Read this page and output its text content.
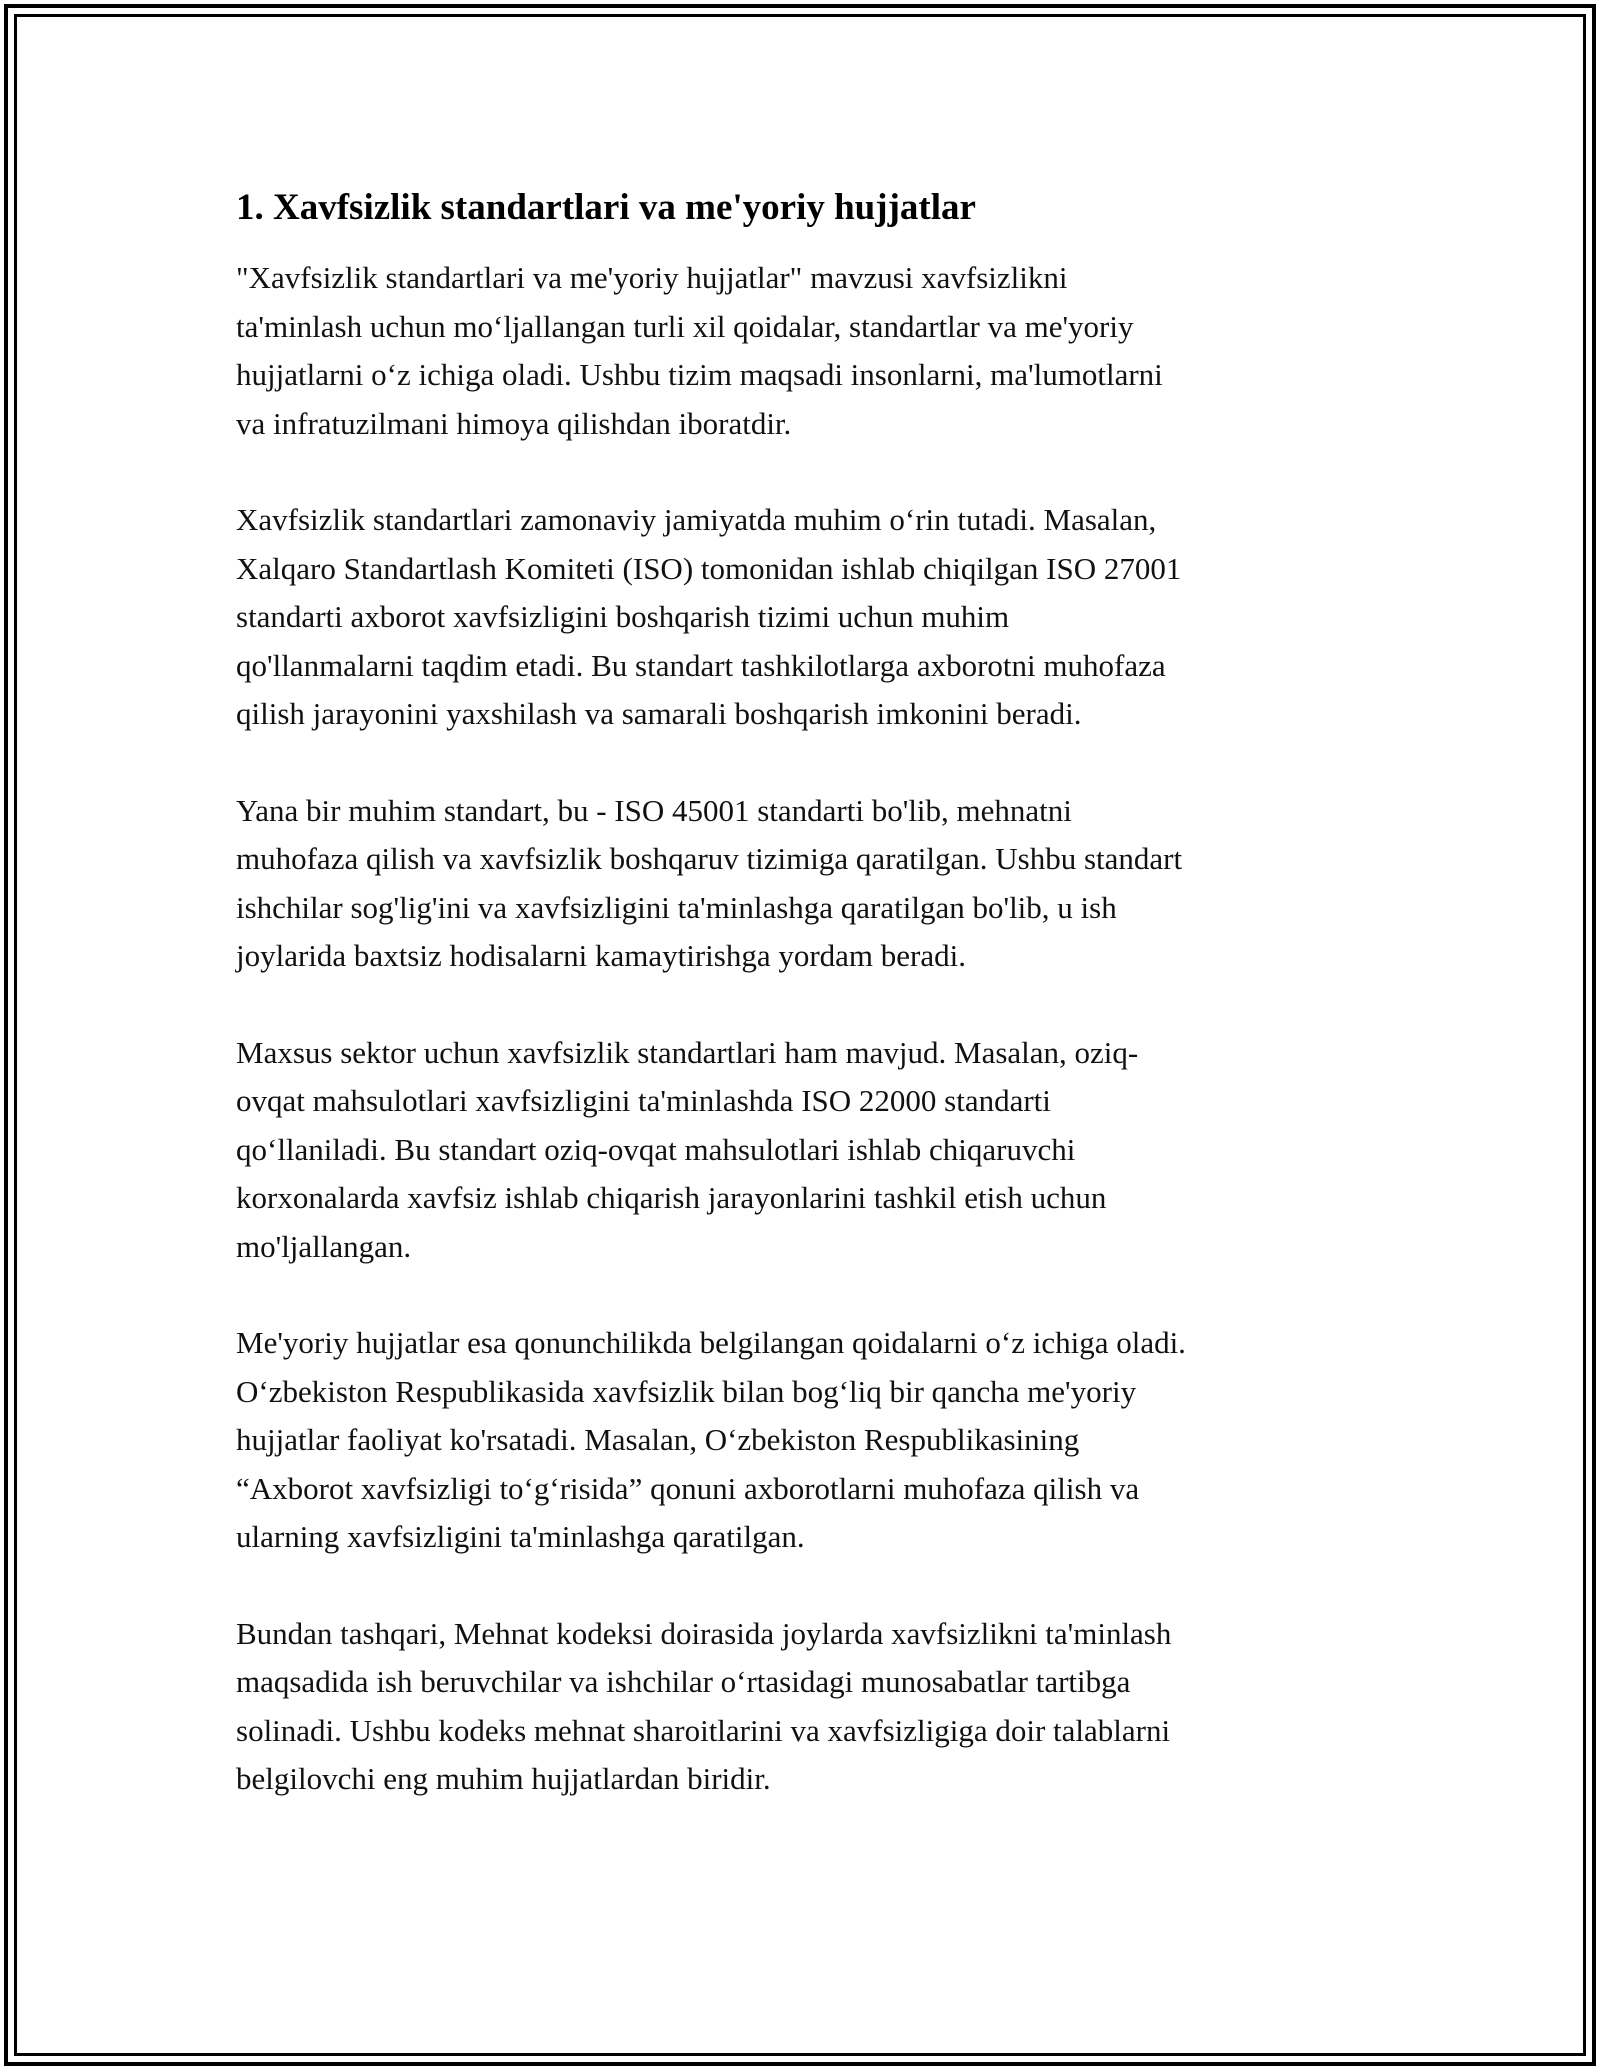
1. Xavfsizlik standartlari va me'yoriy hujjatlar
"Xavfsizlik standartlari va me'yoriy hujjatlar" mavzusi xavfsizlikni
ta'minlash uchun mo‘ljallangan turli xil qoidalar, standartlar va me'yoriy
hujjatlarni o‘z ichiga oladi. Ushbu tizim maqsadi insonlarni, ma'lumotlarni
va infratuzilmani himoya qilishdan iboratdir.
Xavfsizlik standartlari zamonaviy jamiyatda muhim o‘rin tutadi. Masalan,
Xalqaro Standartlash Komiteti (ISO) tomonidan ishlab chiqilgan ISO 27001
standarti axborot xavfsizligini boshqarish tizimi uchun muhim
qo'llanmalarni taqdim etadi. Bu standart tashkilotlarga axborotni muhofaza
qilish jarayonini yaxshilash va samarali boshqarish imkonini beradi.
Yana bir muhim standart, bu - ISO 45001 standarti bo'lib, mehnatni
muhofaza qilish va xavfsizlik boshqaruv tizimiga qaratilgan. Ushbu standart
ishchilar sog'lig'ini va xavfsizligini ta'minlashga qaratilgan bo'lib, u ish
joylarida baxtsiz hodisalarni kamaytirishga yordam beradi.
Maxsus sektor uchun xavfsizlik standartlari ham mavjud. Masalan, oziq-
ovqat mahsulotlari xavfsizligini ta'minlashda ISO 22000 standarti
qo‘llaniladi. Bu standart oziq-ovqat mahsulotlari ishlab chiqaruvchi
korxonalarda xavfsiz ishlab chiqarish jarayonlarini tashkil etish uchun
mo'ljallangan.
Me'yoriy hujjatlar esa qonunchilikda belgilangan qoidalarni o‘z ichiga oladi.
O‘zbekiston Respublikasida xavfsizlik bilan bog‘liq bir qancha me'yoriy
hujjatlar faoliyat ko'rsatadi. Masalan, O‘zbekiston Respublikasining
“Axborot xavfsizligi to‘g‘risida” qonuni axborotlarni muhofaza qilish va
ularning xavfsizligini ta'minlashga qaratilgan.
Bundan tashqari, Mehnat kodeksi doirasida joylarda xavfsizlikni ta'minlash
maqsadida ish beruvchilar va ishchilar o‘rtasidagi munosabatlar tartibga
solinadi. Ushbu kodeks mehnat sharoitlarini va xavfsizligiga doir talablarni
belgilovchi eng muhim hujjatlardan biridir.
